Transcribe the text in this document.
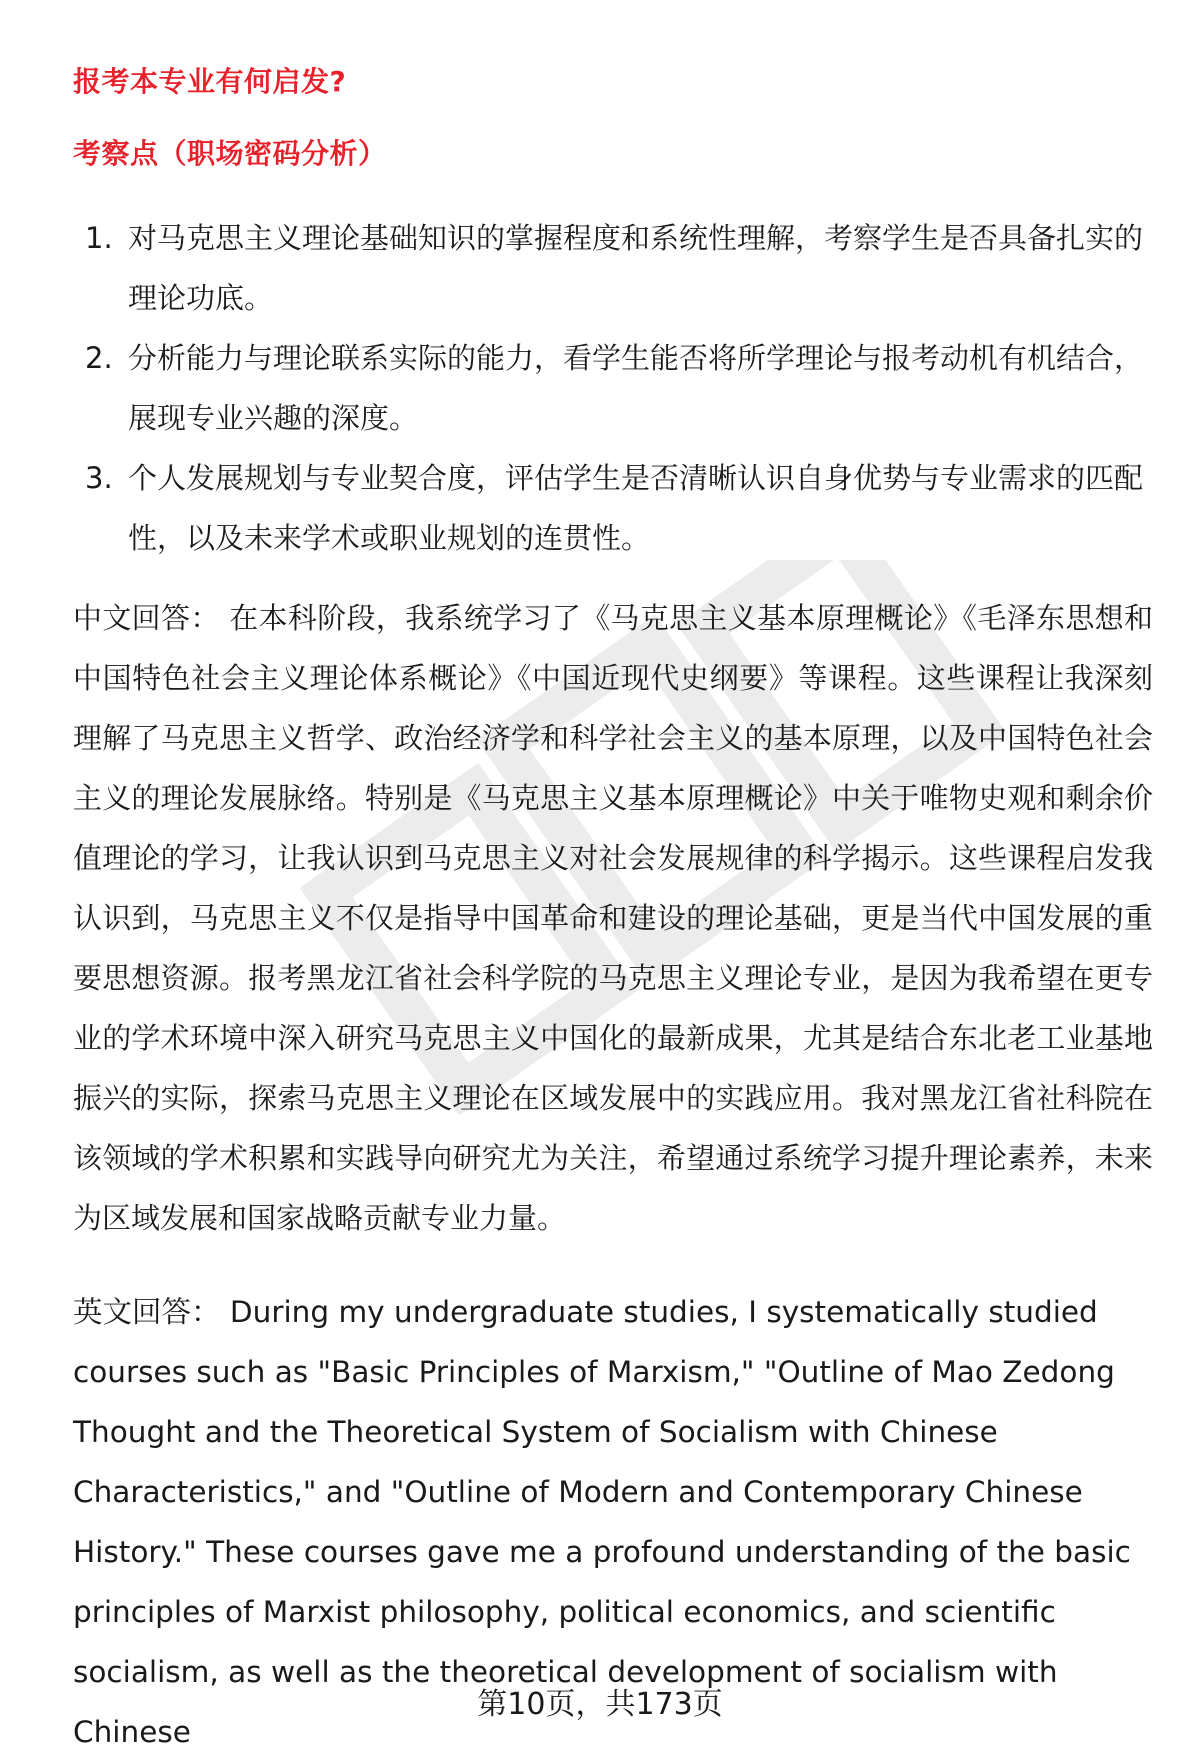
报考本专业有何启发?
考察点（职场密码分析）
1. 对马克思主义理论基础知识的掌握程度和系统性理解，考察学生是否具备扎实的理论功底。
2. 分析能力与理论联系实际的能力，看学生能否将所学理论与报考动机有机结合，展现专业兴趣的深度。
3. 个人发展规划与专业契合度，评估学生是否清晰认识自身优势与专业需求的匹配性，以及未来学术或职业规划的连贯性。

中文回答： 在本科阶段，我系统学习了《马克思主义基本原理概论》《毛泽东思想和中国特色社会主义理论体系概论》《中国近现代史纲要》等课程。这些课程让我深刻理解了马克思主义哲学、政治经济学和科学社会主义的基本原理，以及中国特色社会主义的理论发展脉络。特别是《马克思主义基本原理概论》中关于唯物史观和剩余价值理论的学习，让我认识到马克思主义对社会发展规律的科学揭示。这些课程启发我认识到，马克思主义不仅是指导中国革命和建设的理论基础，更是当代中国发展的重要思想资源。报考黑龙江省社会科学院的马克思主义理论专业，是因为我希望在更专业的学术环境中深入研究马克思主义中国化的最新成果，尤其是结合东北老工业基地振兴的实际，探索马克思主义理论在区域发展中的实践应用。我对黑龙江省社科院在该领域的学术积累和实践导向研究尤为关注，希望通过系统学习提升理论素养，未来为区域发展和国家战略贡献专业力量。

英文回答： During my undergraduate studies, I systematically studied courses such as "Basic Principles of Marxism," "Outline of Mao Zedong Thought and the Theoretical System of Socialism with Chinese Characteristics," and "Outline of Modern and Contemporary Chinese History." These courses gave me a profound understanding of the basic principles of Marxist philosophy, political economics, and scientific socialism, as well as the theoretical development of socialism with Chinese

第10页，共173页
